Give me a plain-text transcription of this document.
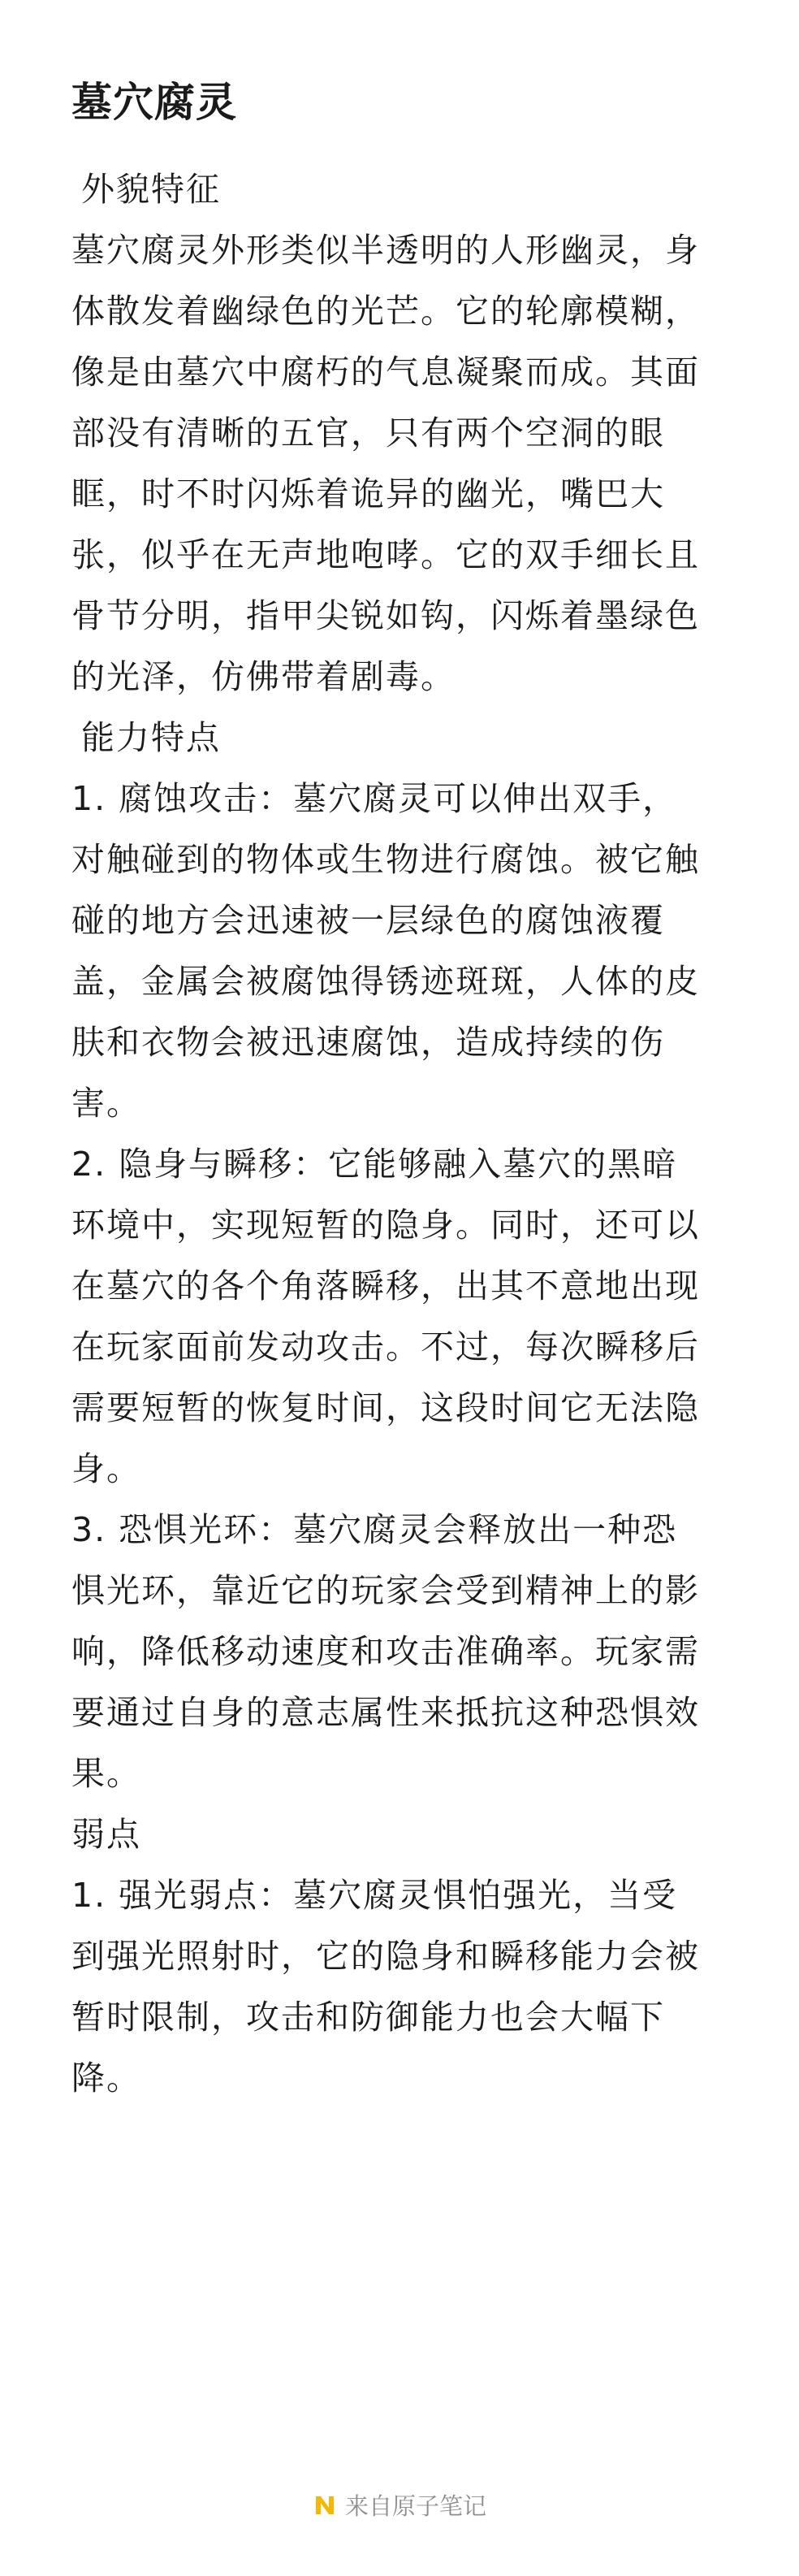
墓穴腐灵

外貌特征

墓穴腐灵外形类似半透明的人形幽灵，身体散发着幽绿色的光芒。它的轮廓模糊，像是由墓穴中腐朽的气息凝聚而成。其面部没有清晰的五官，只有两个空洞的眼眶，时不时闪烁着诡异的幽光，嘴巴大张，似乎在无声地咆哮。它的双手细长且骨节分明，指甲尖锐如钩，闪烁着墨绿色的光泽，仿佛带着剧毒。

能力特点

1. 腐蚀攻击：墓穴腐灵可以伸出双手，对触碰到的物体或生物进行腐蚀。被它触碰的地方会迅速被一层绿色的腐蚀液覆盖，金属会被腐蚀得锈迹斑斑，人体的皮肤和衣物会被迅速腐蚀，造成持续的伤害。

2. 隐身与瞬移：它能够融入墓穴的黑暗环境中，实现短暂的隐身。同时，还可以在墓穴的各个角落瞬移，出其不意地出现在玩家面前发动攻击。不过，每次瞬移后需要短暂的恢复时间，这段时间它无法隐身。

3. 恐惧光环：墓穴腐灵会释放出一种恐惧光环，靠近它的玩家会受到精神上的影响，降低移动速度和攻击准确率。玩家需要通过自身的意志属性来抵抗这种恐惧效果。

弱点

1. 强光弱点：墓穴腐灵惧怕强光，当受到强光照射时，它的隐身和瞬移能力会被暂时限制，攻击和防御能力也会大幅下降。

来自原子笔记
